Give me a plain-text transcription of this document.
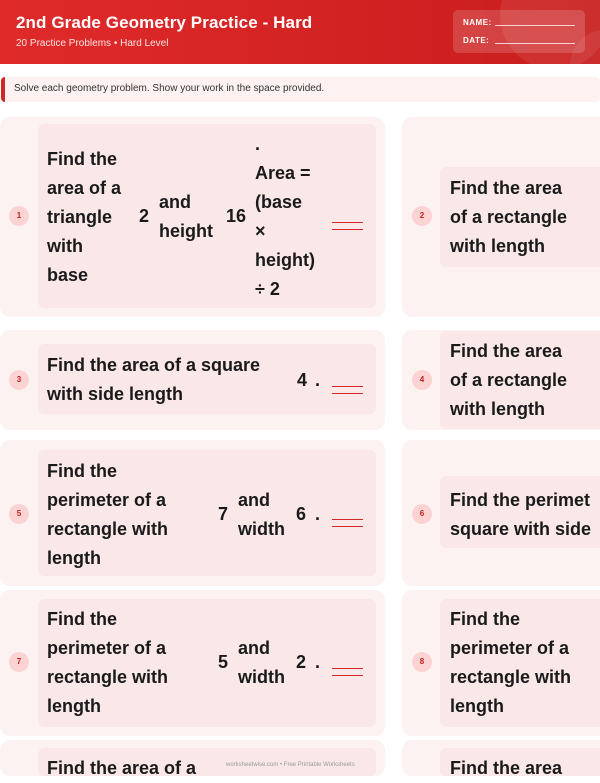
2nd Grade Geometry Practice - Hard
20 Practice Problems • Hard Level
NAME:
DATE:
Solve each geometry problem. Show your work in the space provided.
1
Find the
area of a
triangle
with
base
2
and
height
16
.
Area =
(base
×
height)
÷ 2
2
Find the area
of a rectangle
with length
3
Find the area of a square
with side length
4 .	4
Find the area
of a rectangle
with length
5
Find the
perimeter of a
rectangle with
length
7
and
width
6 .	6
Find the perimet
square with side
7
Find the
perimeter of a
rectangle with
length
5
and
width
2 .	8
Find the
perimeter of a
rectangle with
length
Find the area of a	Find the area
worksheetwise.com • Free Printable Worksheets
